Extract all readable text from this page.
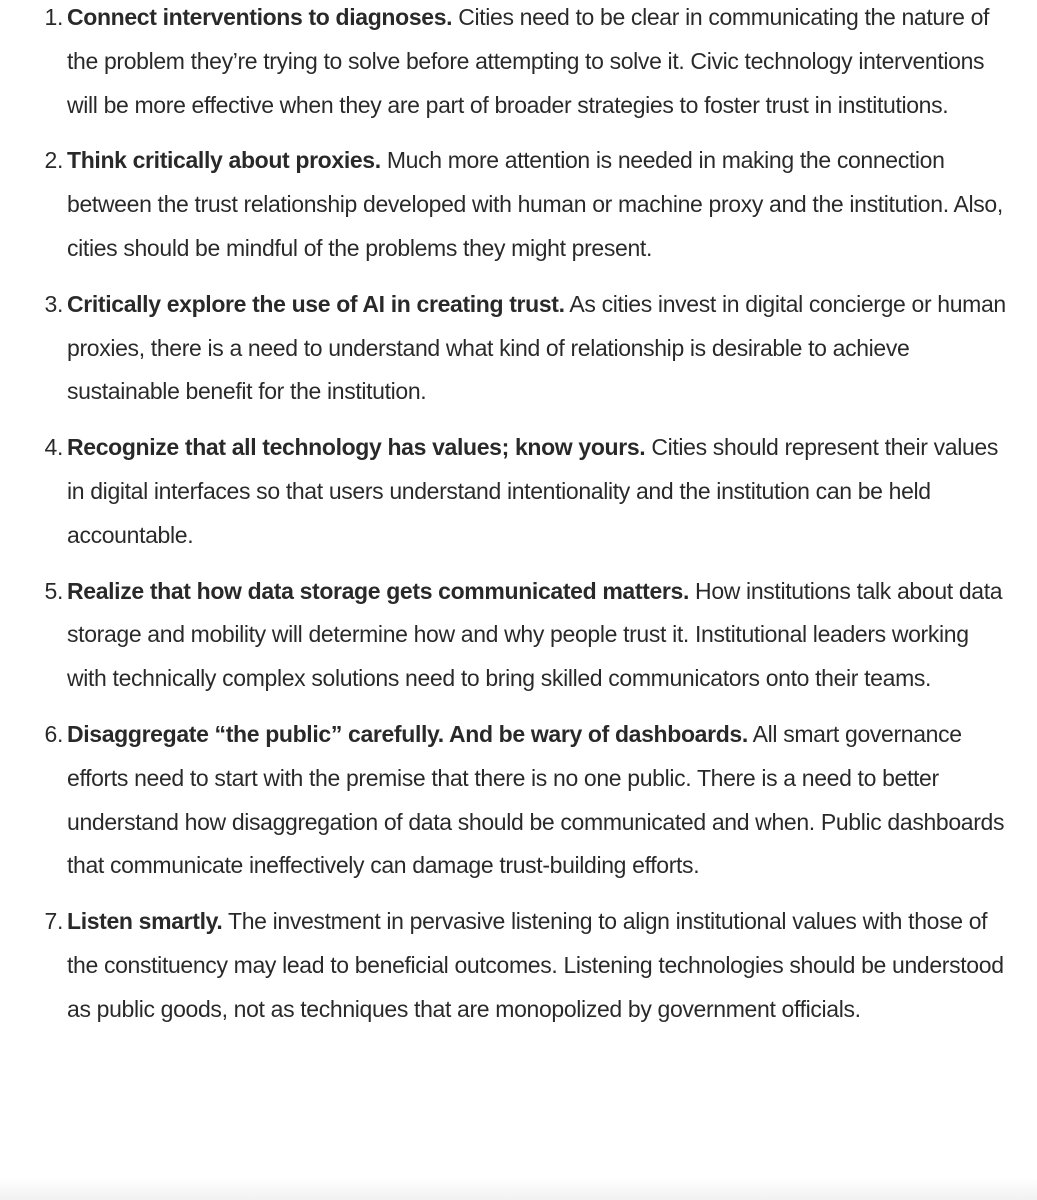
1. Connect interventions to diagnoses. Cities need to be clear in communicating the nature of the problem they’re trying to solve before attempting to solve it. Civic technology interventions will be more effective when they are part of broader strategies to foster trust in institutions.
2. Think critically about proxies. Much more attention is needed in making the connection between the trust relationship developed with human or machine proxy and the institution. Also, cities should be mindful of the problems they might present.
3. Critically explore the use of AI in creating trust. As cities invest in digital concierge or human proxies, there is a need to understand what kind of relationship is desirable to achieve sustainable benefit for the institution.
4. Recognize that all technology has values; know yours. Cities should represent their values in digital interfaces so that users understand intentionality and the institution can be held accountable.
5. Realize that how data storage gets communicated matters. How institutions talk about data storage and mobility will determine how and why people trust it. Institutional leaders working with technically complex solutions need to bring skilled communicators onto their teams.
6. Disaggregate “the public” carefully. And be wary of dashboards. All smart governance efforts need to start with the premise that there is no one public. There is a need to better understand how disaggregation of data should be communicated and when. Public dashboards that communicate ineffectively can damage trust-building efforts.
7. Listen smartly. The investment in pervasive listening to align institutional values with those of the constituency may lead to beneficial outcomes. Listening technologies should be understood as public goods, not as techniques that are monopolized by government officials.
